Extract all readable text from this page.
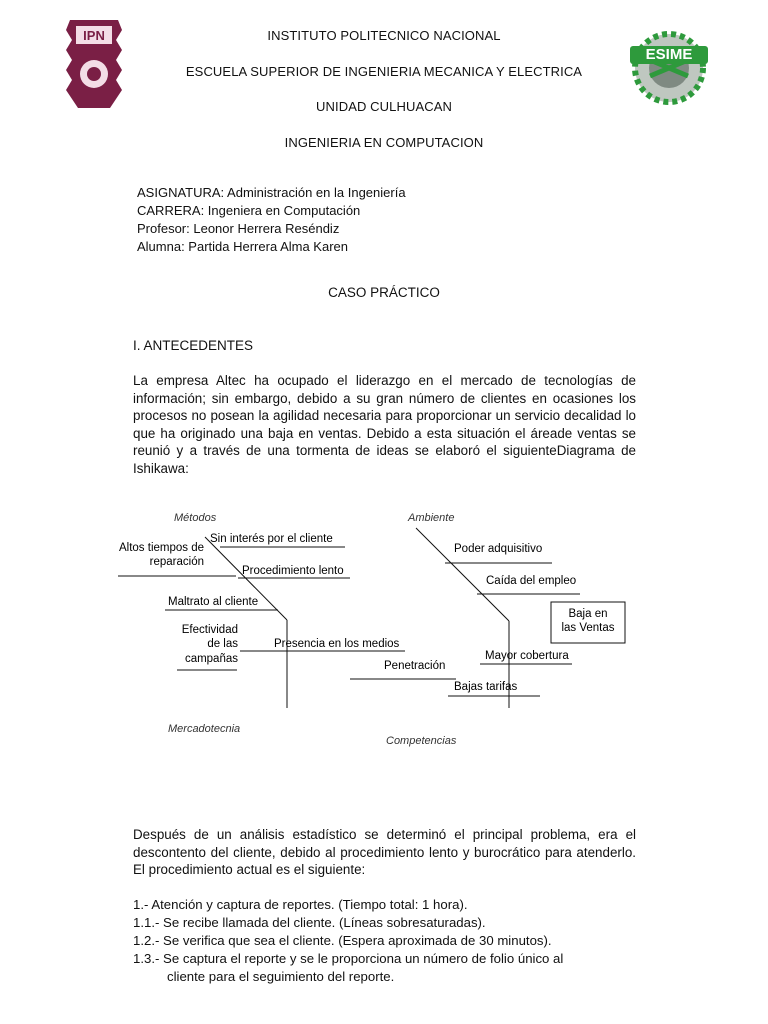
IPN
ESIME
INSTITUTO POLITECNICO NACIONAL
ESCUELA SUPERIOR DE INGENIERIA MECANICA Y ELECTRICA
UNIDAD CULHUACAN
INGENIERIA EN COMPUTACION
ASIGNATURA: Administración en la Ingeniería
CARRERA: Ingeniera en Computación
Profesor: Leonor Herrera Reséndiz
Alumna: Partida Herrera Alma Karen
CASO PRÁCTICO
I. ANTECEDENTES
La empresa Altec ha ocupado el liderazgo en el mercado de tecnologías de información; sin embargo, debido a su gran número de clientes en ocasiones los procesos no posean la agilidad necesaria para proporcionar un servicio decalidad lo que ha originado una baja en ventas. Debido a esta situación el áreade ventas se reunió y a través de una tormenta de ideas se elaboró el siguienteDiagrama de Ishikawa:
Métodos	Ambiente
Mercadotecnia
Competencias
Sin interés por el cliente
Altos tiempos de
reparación
Procedimiento lento
Maltrato al cliente
Efectividad
de las
campañas
Presencia en los medios
Poder adquisitivo
Caída del empleo
Mayor cobertura
Penetración
Bajas tarifas
Baja en
las Ventas
Después de un análisis estadístico se determinó el principal problema, era el descontento del cliente, debido al procedimiento lento y burocrático para atenderlo. El procedimiento actual es el siguiente:
1.- Atención y captura de reportes. (Tiempo total: 1 hora).
1.1.- Se recibe llamada del cliente. (Líneas sobresaturadas).
1.2.- Se verifica que sea el cliente. (Espera aproximada de 30 minutos).
1.3.- Se captura el reporte y se le proporciona un número de folio único al
cliente para el seguimiento del reporte.
